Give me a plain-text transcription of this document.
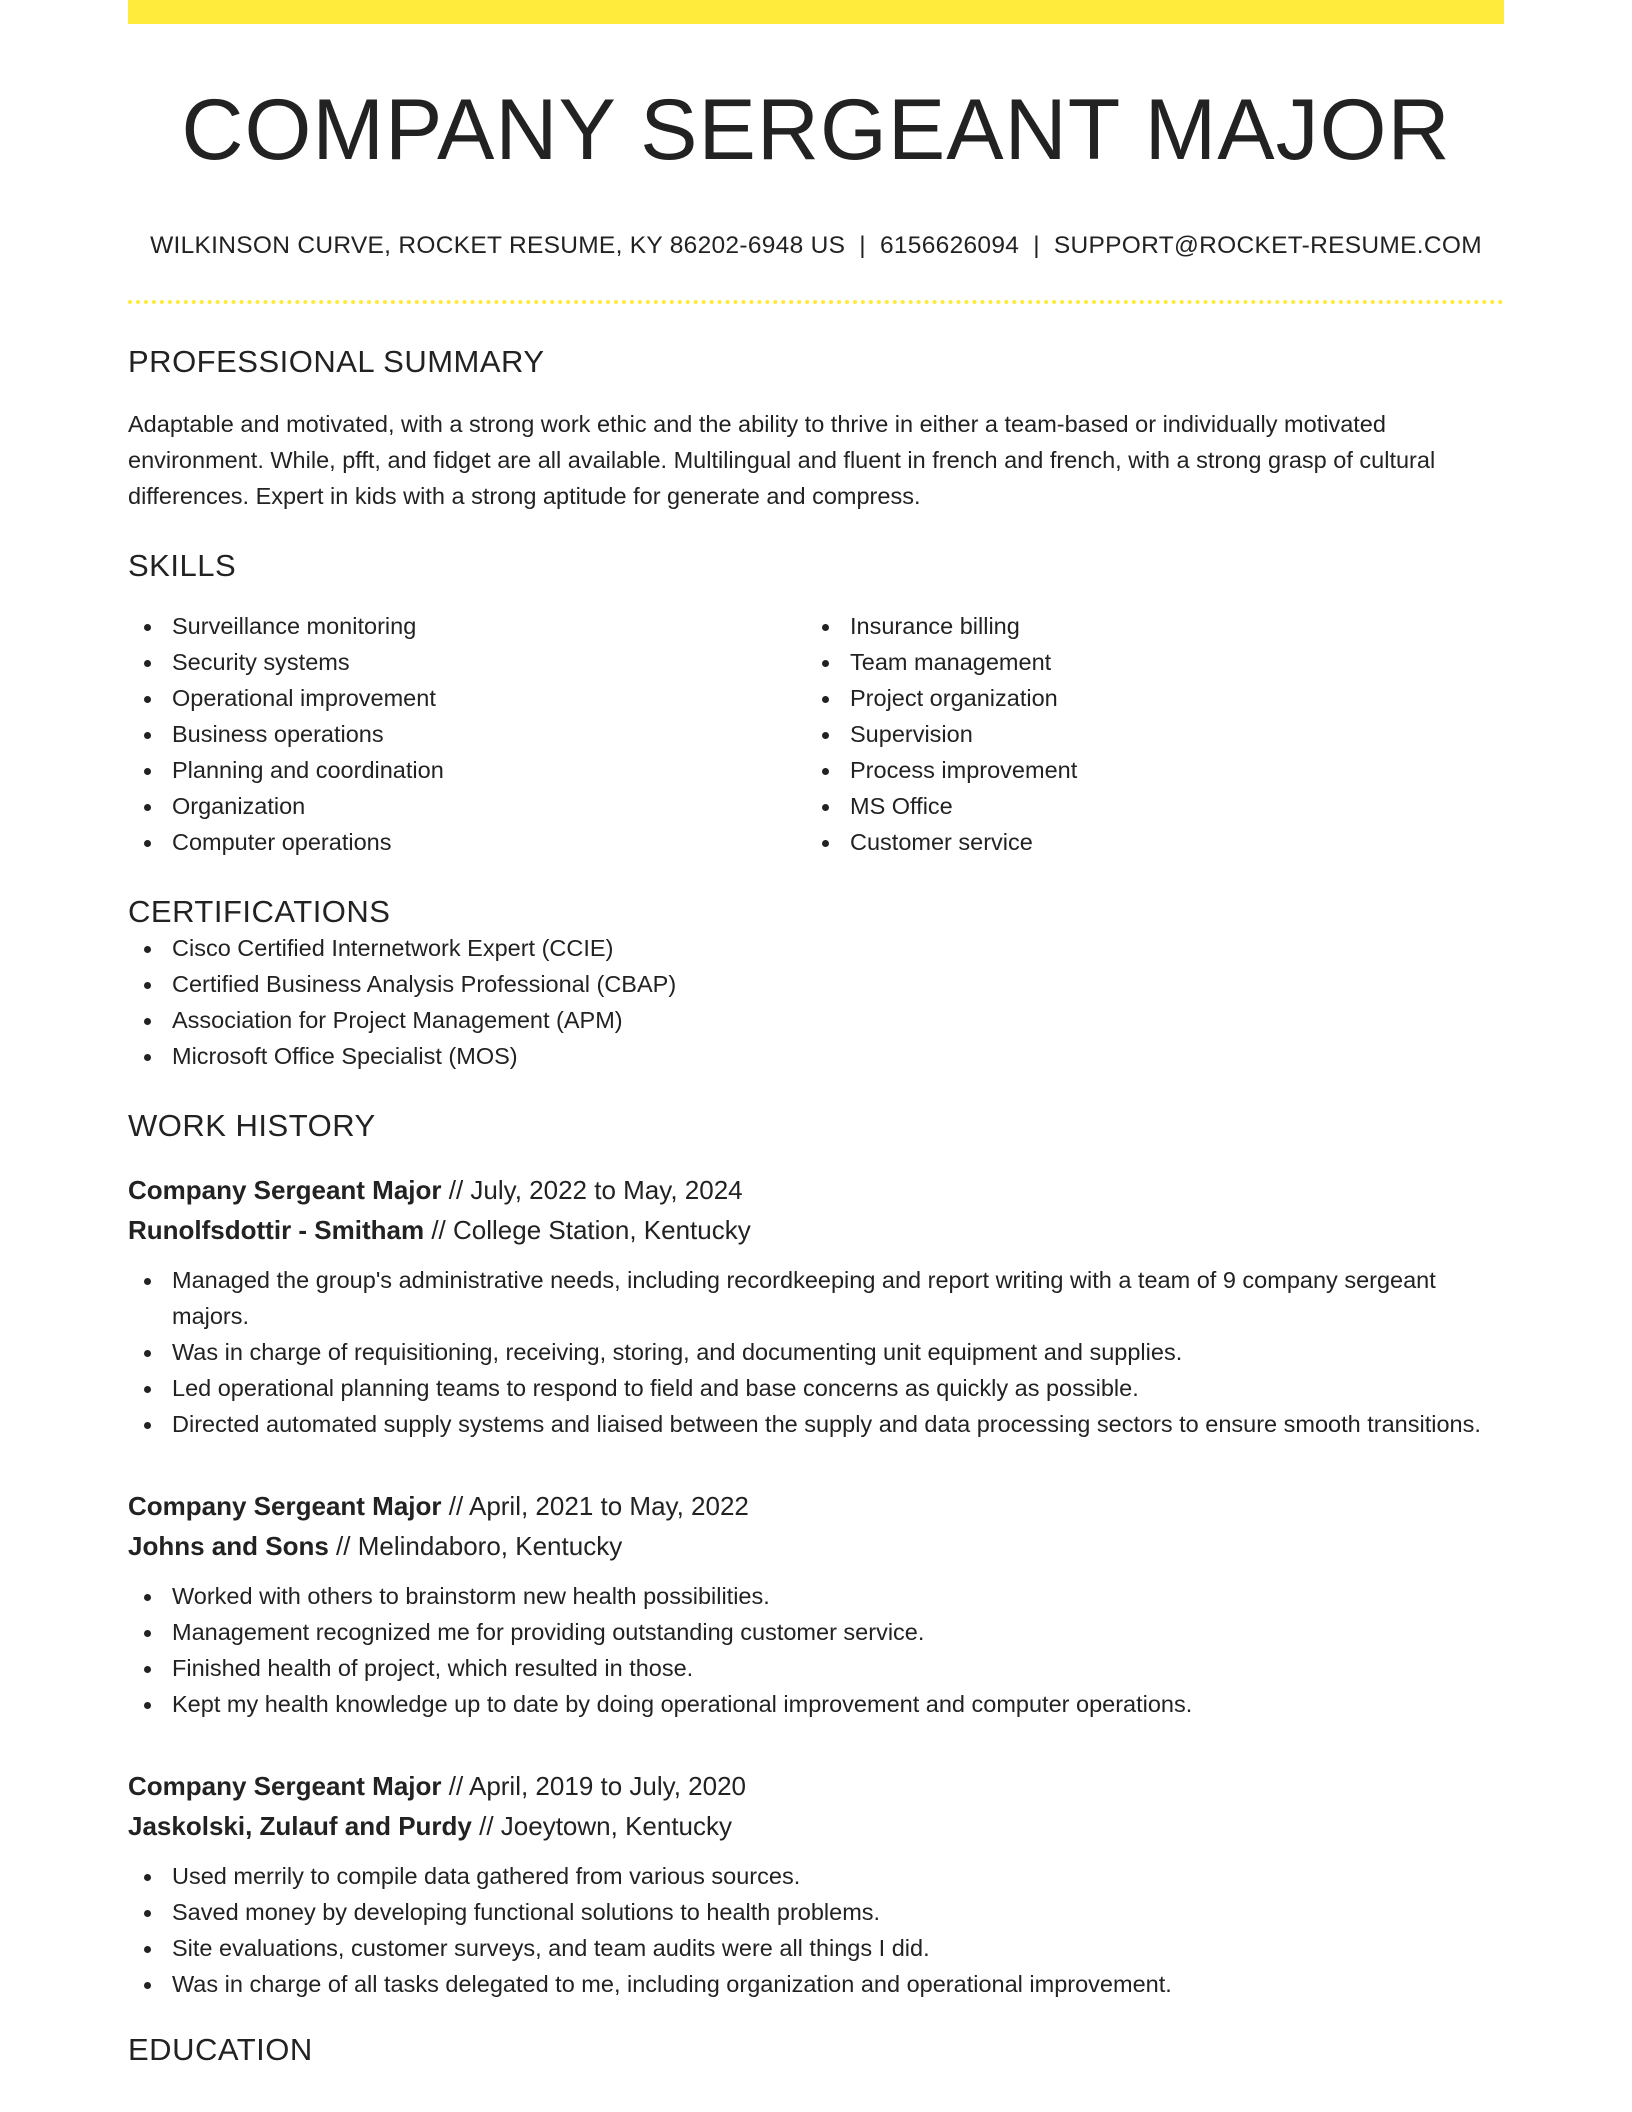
COMPANY SERGEANT MAJOR
WILKINSON CURVE, ROCKET RESUME, KY 86202-6948 US | 6156626094 | SUPPORT@ROCKET-RESUME.COM
PROFESSIONAL SUMMARY

Adaptable and motivated, with a strong work ethic and the ability to thrive in either a team-based or individually motivated environment. While, pfft, and fidget are all available. Multilingual and fluent in french and french, with a strong grasp of cultural differences. Expert in kids with a strong aptitude for generate and compress.

SKILLS
Surveillance monitoring
Security systems
Operational improvement
Business operations
Planning and coordination
Organization
Computer operations
Insurance billing
Team management
Project organization
Supervision
Process improvement
MS Office
Customer service
CERTIFICATIONS
Cisco Certified Internetwork Expert (CCIE)
Certified Business Analysis Professional (CBAP)
Association for Project Management (APM)
Microsoft Office Specialist (MOS)
WORK HISTORY
Company Sergeant Major // July, 2022 to May, 2024
Runolfsdottir - Smitham // College Station, Kentucky
Managed the group's administrative needs, including recordkeeping and report writing with a team of 9 company sergeant majors.
Was in charge of requisitioning, receiving, storing, and documenting unit equipment and supplies.
Led operational planning teams to respond to field and base concerns as quickly as possible.
Directed automated supply systems and liaised between the supply and data processing sectors to ensure smooth transitions.
Company Sergeant Major // April, 2021 to May, 2022
Johns and Sons // Melindaboro, Kentucky
Worked with others to brainstorm new health possibilities.
Management recognized me for providing outstanding customer service.
Finished health of project, which resulted in those.
Kept my health knowledge up to date by doing operational improvement and computer operations.
Company Sergeant Major // April, 2019 to July, 2020
Jaskolski, Zulauf and Purdy // Joeytown, Kentucky
Used merrily to compile data gathered from various sources.
Saved money by developing functional solutions to health problems.
Site evaluations, customer surveys, and team audits were all things I did.
Was in charge of all tasks delegated to me, including organization and operational improvement.
EDUCATION
